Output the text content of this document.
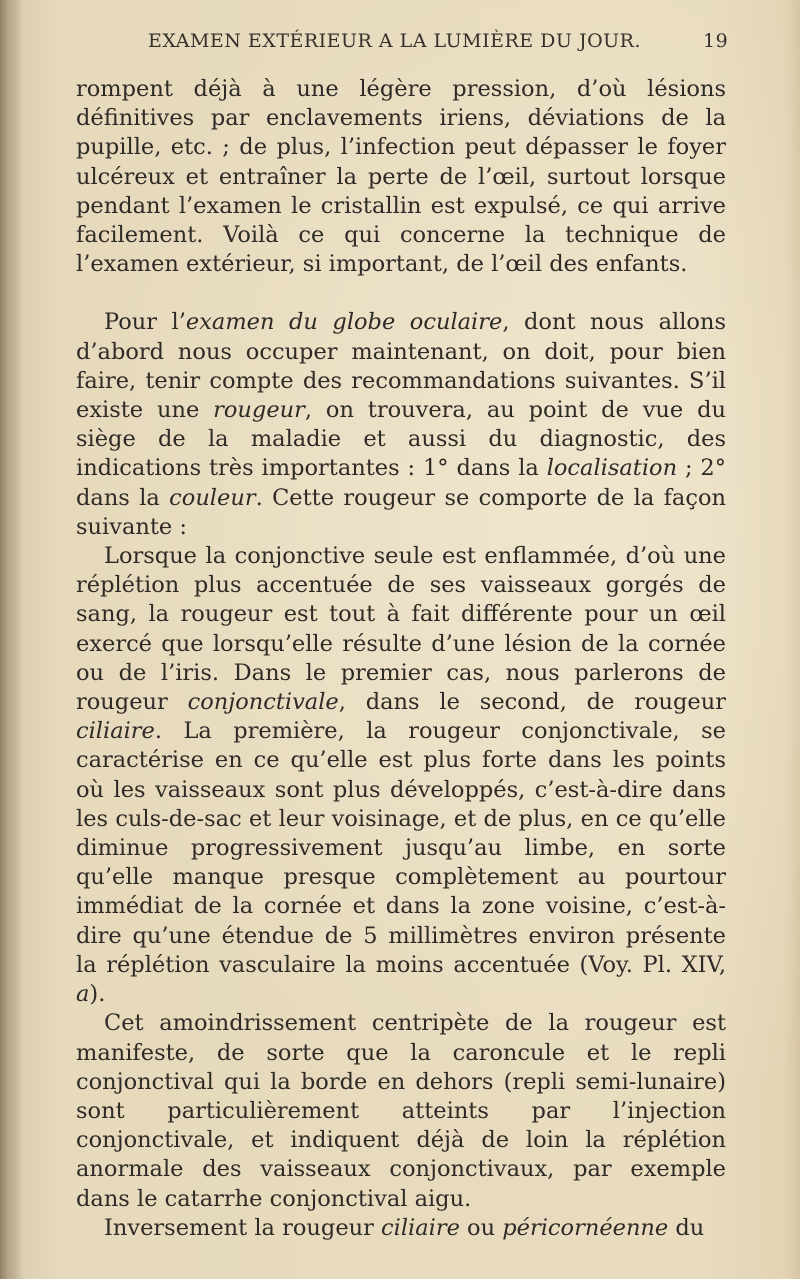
EXAMEN EXTÉRIEUR A LA LUMIÈRE DU JOUR.	19

rompent déjà à une légère pression, d’où lésions définitives par enclavements iriens, déviations de la pupille, etc. ; de plus, l’infection peut dépasser le foyer ulcéreux et entraîner la perte de l’œil, surtout lorsque pendant l’examen le cristallin est expulsé, ce qui arrive facilement. Voilà ce qui concerne la technique de l’examen extérieur, si important, de l’œil des enfants.

Pour l’examen du globe oculaire, dont nous allons d’abord nous occuper maintenant, on doit, pour bien faire, tenir compte des recommandations suivantes. S’il existe une rougeur, on trouvera, au point de vue du siège de la maladie et aussi du diagnostic, des indications très importantes : 1° dans la localisation ; 2° dans la couleur. Cette rougeur se comporte de la façon suivante :

Lorsque la conjonctive seule est enflammée, d’où une réplétion plus accentuée de ses vaisseaux gorgés de sang, la rougeur est tout à fait différente pour un œil exercé que lorsqu’elle résulte d’une lésion de la cornée ou de l’iris. Dans le premier cas, nous parlerons de rougeur conjonctivale, dans le second, de rougeur ciliaire. La première, la rougeur conjonctivale, se caractérise en ce qu’elle est plus forte dans les points où les vaisseaux sont plus développés, c’est-à-dire dans les culs-de-sac et leur voisinage, et de plus, en ce qu’elle diminue progressivement jusqu’au limbe, en sorte qu’elle manque presque complètement au pourtour immédiat de la cornée et dans la zone voisine, c’est-à-dire qu’une étendue de 5 millimètres environ présente la réplétion vasculaire la moins accentuée (Voy. Pl. XIV, a).

Cet amoindrissement centripète de la rougeur est manifeste, de sorte que la caroncule et le repli conjonctival qui la borde en dehors (repli semi-lunaire) sont particulièrement atteints par l’injection conjonctivale, et indiquent déjà de loin la réplétion anormale des vaisseaux conjonctivaux, par exemple dans le catarrhe conjonctival aigu.

Inversement la rougeur ciliaire ou péricornéenne du
